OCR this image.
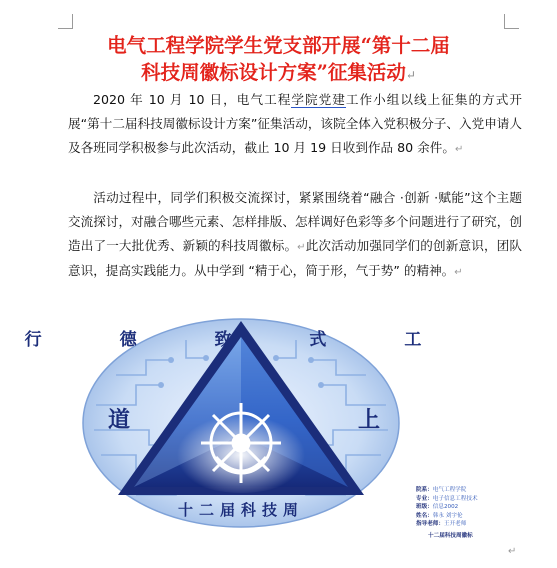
电气工程学院学生党支部开展“第十二届
科技周徽标设计方案”征集活动↵

2020 年 10 月 10 日，电气工程学院党建工作小组以线上征集的方式开展“第十二届科技周徽标设计方案”征集活动，该院全体入党积极分子、入党申请人及各班同学积极参与此次活动，截止 10 月 19 日收到作品 80 余件。↵

活动过程中，同学们积极交流探讨，紧紧围绕着“融合 ·创新 ·赋能”这个主题交流探讨，对融合哪些元素、怎样排版、怎样调好色彩等多个问题进行了研究，创造出了一大批优秀、新颖的科技周徽标。↵此次活动加强同学们的创新意识，团队意识，提高实践能力。从中学到 “精于心，简于形，气于势” 的精神。↵

行 德 致 式 工
道	上
十二届科技周
院系：电气工程学院
专业：电子信息工程技术
班级：信息2002
姓名：韩永 刘宇伦
指导老师：王开老师
十二届科技周徽标
↵
